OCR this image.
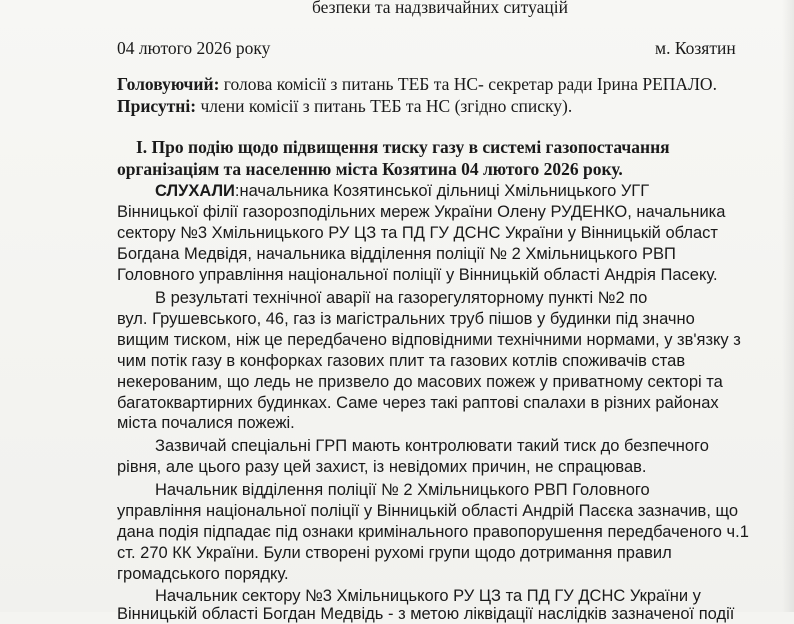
безпеки та надзвичайних ситуацій
04 лютого 2026 року	м. Козятин
Головуючий: голова комісії з питань ТЕБ та НС- секретар ради Ірина РЕПАЛО.
Присутні: члени комісії з питань ТЕБ та НС (згідно списку).
І. Про подію щодо підвищення тиску газу в системі газопостачання
організаціям та населенню міста Козятина 04 лютого 2026 року.
СЛУХАЛИ:начальника Козятинської дільниці Хмільницького УГГ
Вінницької філії газорозподільних мереж України Олену РУДЕНКО, начальника
сектору №3 Хмільницького РУ ЦЗ та ПД ГУ ДСНС України у Вінницькій област
Богдана Медвідя, начальника відділення поліції № 2 Хмільницького РВП
Головного управління національної поліції у Вінницькій області Андрія Пасеку.
В результаті технічної аварії на газорегуляторному пункті №2 по
вул. Грушевського, 46, газ із магістральних труб пішов у будинки під значно
вищим тиском, ніж це передбачено відповідними технічними нормами, у зв'язку з
чим потік газу в конфорках газових плит та газових котлів споживачів став
некерованим, що ледь не призвело до масових пожеж у приватному секторі та
багатоквартирних будинках. Саме через такі раптові спалахи в різних районах
міста почалися пожежі.
Зазвичай спеціальні ГРП мають контролювати такий тиск до безпечного
рівня, але цього разу цей захист, із невідомих причин, не спрацював.
Начальник відділення поліції № 2 Хмільницького РВП Головного
управління національної поліції у Вінницькій області Андрій Пасєка зазначив, що
дана подія підпадає під ознаки кримінального правопорушення передбаченого ч.1
ст. 270 КК України. Були створені рухомі групи щодо дотримання правил
громадського порядку.
Начальник сектору №3 Хмільницького РУ ЦЗ та ПД ГУ ДСНС України у
Вінницькій області Богдан Медвідь - з метою ліквідації наслідків зазначеної події
